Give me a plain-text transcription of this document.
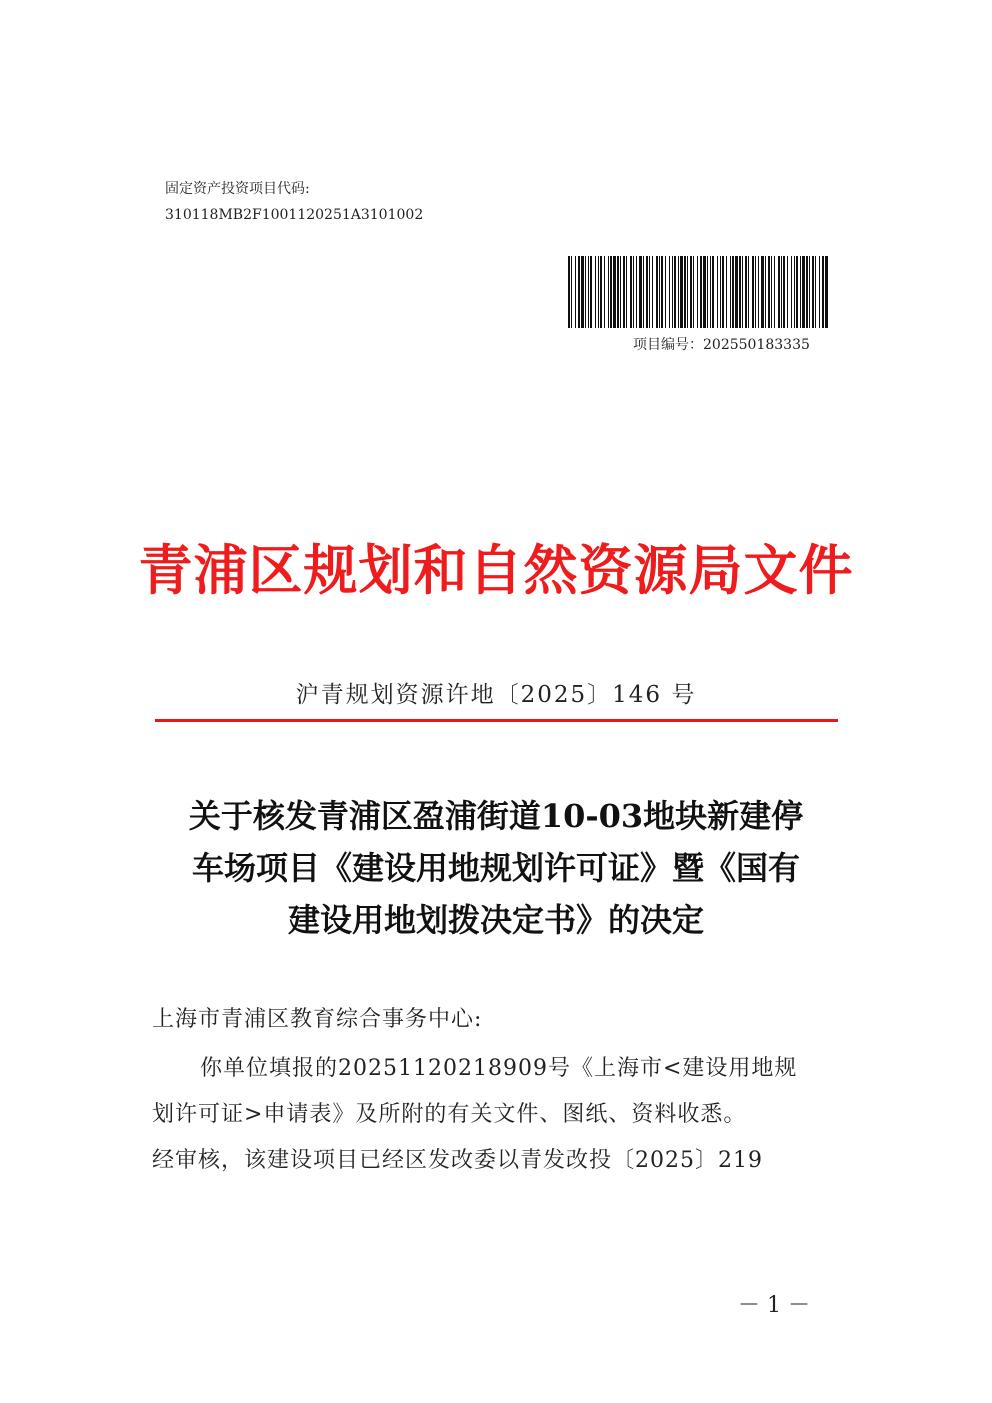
固定资产投资项目代码:
310118MB2F1001120251A3101002
项目编号：202550183335
青浦区规划和自然资源局文件
沪青规划资源许地〔2025〕146 号
关于核发青浦区盈浦街道10-03地块新建停
车场项目《建设用地规划许可证》暨《国有
建设用地划拨决定书》的决定
上海市青浦区教育综合事务中心:
你单位填报的20251120218909号《上海市<建设用地规
划许可证>申请表》及所附的有关文件、图纸、资料收悉。
经审核，该建设项目已经区发改委以青发改投〔2025〕219
－ 1 －
